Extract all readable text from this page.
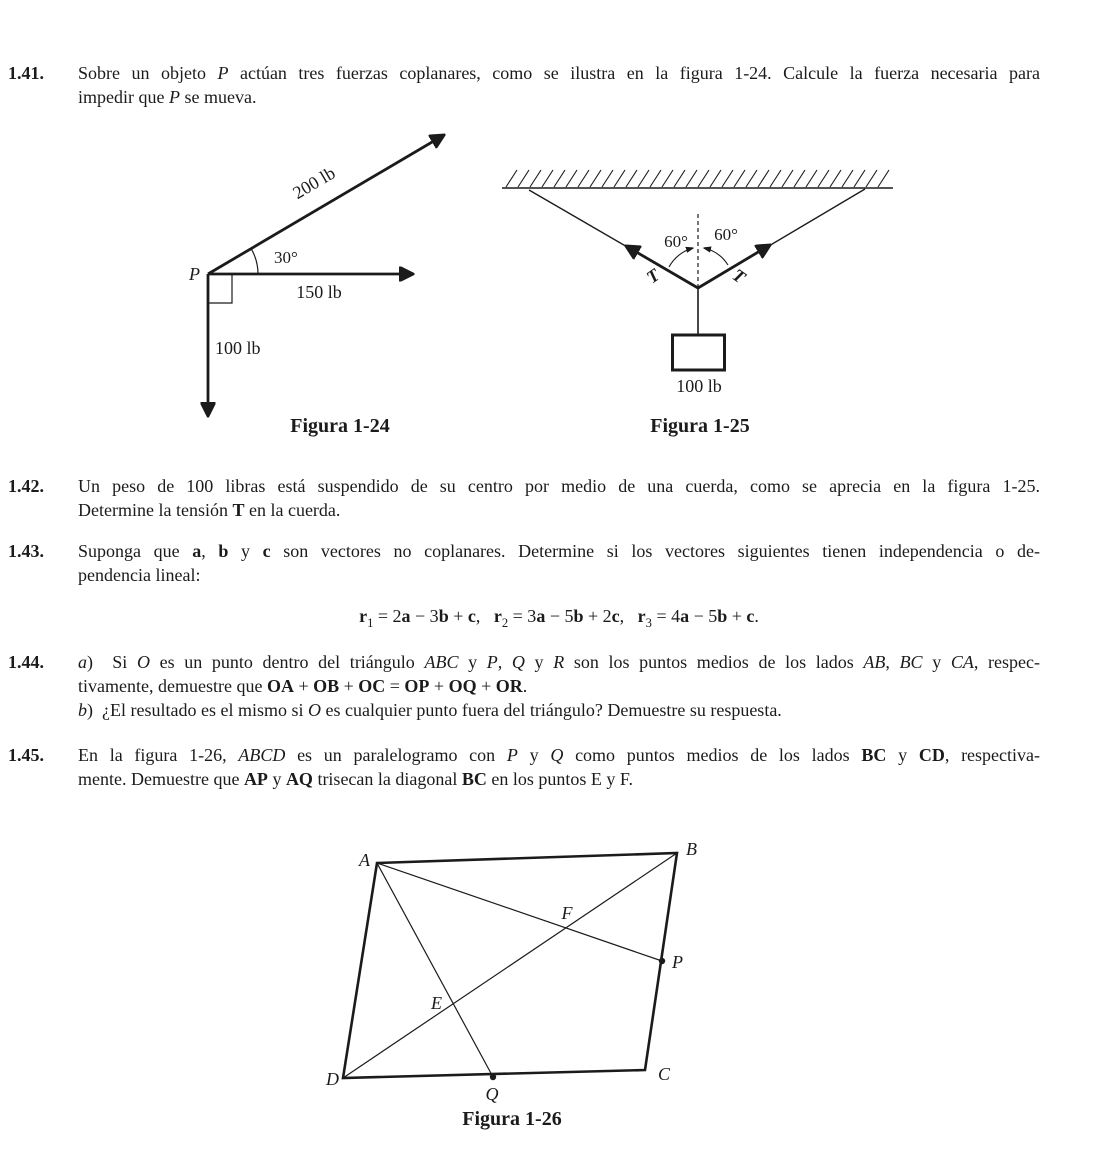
1.41. Sobre un objeto P actúan tres fuerzas coplanares, como se ilustra en la figura 1-24. Calcule la fuerza necesaria para
impedir que P se mueva.
1.42. Un peso de 100 libras está suspendido de su centro por medio de una cuerda, como se aprecia en la figura 1-25.
Determine la tensión T en la cuerda.
1.43. Suponga que a, b y c son vectores no coplanares. Determine si los vectores siguientes tienen independencia o de-
pendencia lineal:
$r_1 = 2a - 3b + c$,   $r_2 = 3a - 5b + 2c$,   $r_3 = 4a - 5b + c$.
1.44. a)  Si O es un punto dentro del triángulo ABC y P, Q y R son los puntos medios de los lados AB, BC y CA, respec-
tivamente, demuestre que OA + OB + OC = OP + OQ + OR.
b)  ¿El resultado es el mismo si O es cualquier punto fuera del triángulo? Demuestre su respuesta.
1.45. En la figura 1-26, ABCD es un paralelogramo con P y Q como puntos medios de los lados BC y CD, respectiva-
mente. Demuestre que AP y AQ trisecan la diagonal BC en los puntos E y F.
P
30°
200 lb
150 lb
100 lb
Figura 1-24
60° 60°
T	T
100 lb
Figura 1-25
A
B
C
D
P
Q
E
F
Figura 1-26
